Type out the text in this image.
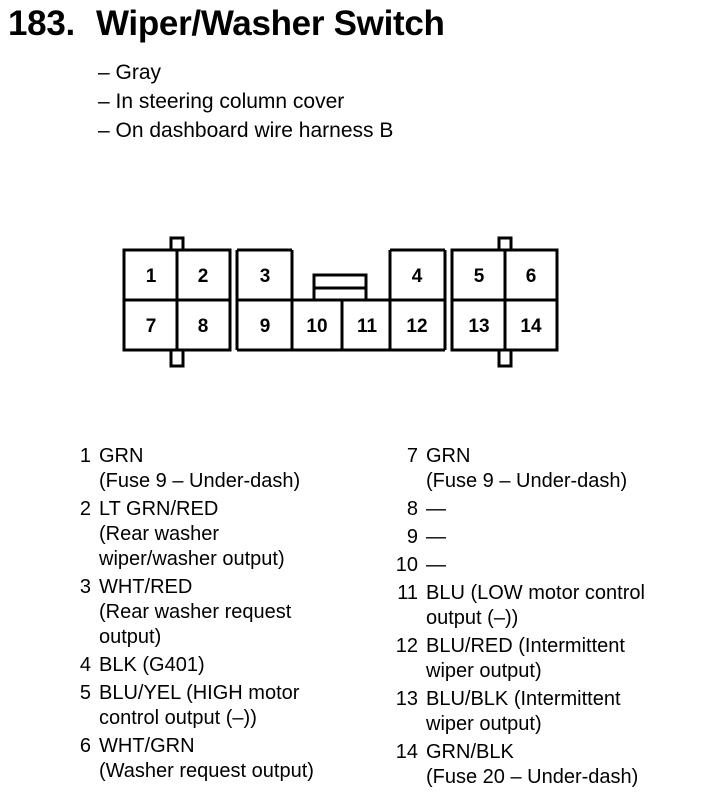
183. Wiper/Washer Switch
– Gray
– In steering column cover
– On dashboard wire harness B
1 2	3	4	5 6
7 8	9 10 11 12 13 14
1 GRN
(Fuse 9 – Under-dash)
2 LT GRN/RED
(Rear washer
wiper/washer output)
3 WHT/RED
(Rear washer request
output)
4 BLK (G401)
5 BLU/YEL (HIGH motor
control output (–))
6 WHT/GRN
(Washer request output)
7 GRN
(Fuse 9 – Under-dash)
8 —
9 —
10 —
11 BLU (LOW motor control
output (–))
12 BLU/RED (Intermittent
wiper output)
13 BLU/BLK (Intermittent
wiper output)
14 GRN/BLK
(Fuse 20 – Under-dash)
